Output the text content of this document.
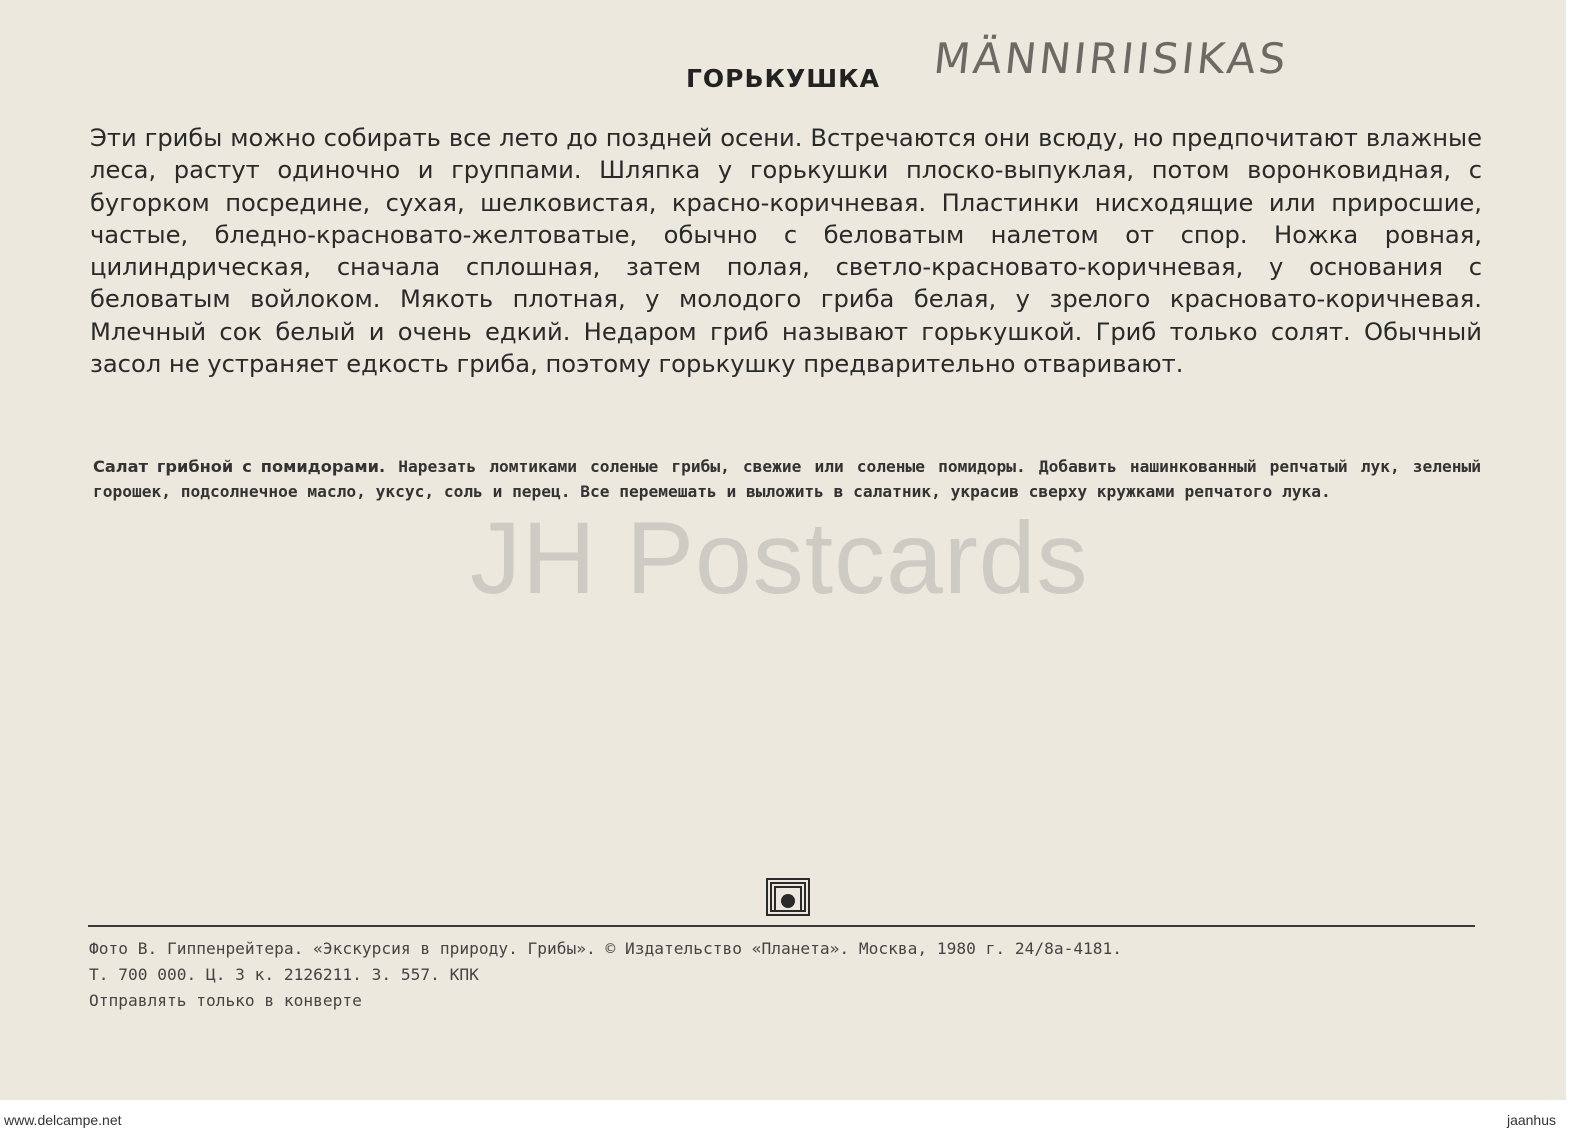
ГОРЬКУШКА MÄNNIRIISIKAS
Эти грибы можно собирать все лето до поздней осени. Встречаются они всюду, но предпочитают влажные леса, растут одиночно и группами. Шляпка у горькушки плоско-выпуклая, потом воронковидная, с бугорком посредине, сухая, шелковистая, красно-коричневая. Пластинки нисходящие или приросшие, частые, бледно-красновато-желтоватые, обычно с беловатым налетом от спор. Ножка ровная, цилиндрическая, сначала сплошная, затем полая, светло-красновато-коричневая, у основания с беловатым войлоком. Мякоть плотная, у молодого гриба белая, у зрелого красновато-коричневая. Млечный сок белый и очень едкий. Недаром гриб называют горькушкой. Гриб только солят. Обычный засол не устраняет едкость гриба, поэтому горькушку предварительно отваривают.
Салат грибной с помидорами. Нарезать ломтиками соленые грибы, свежие или соленые помидоры. Добавить нашинкованный репчатый лук, зеленый горошек, подсолнечное масло, уксус, соль и перец. Все перемешать и выложить в салатник, украсив сверху кружками репчатого лука.
JH Postcards
Фото В. Гиппенрейтера. «Экскурсия в природу. Грибы». © Издательство «Планета». Москва, 1980 г. 24/8а-4181.
Т. 700 000. Ц. 3 к. 2126211. З. 557. КПК
Отправлять только в конверте
www.delcampe.net	jaanhus
